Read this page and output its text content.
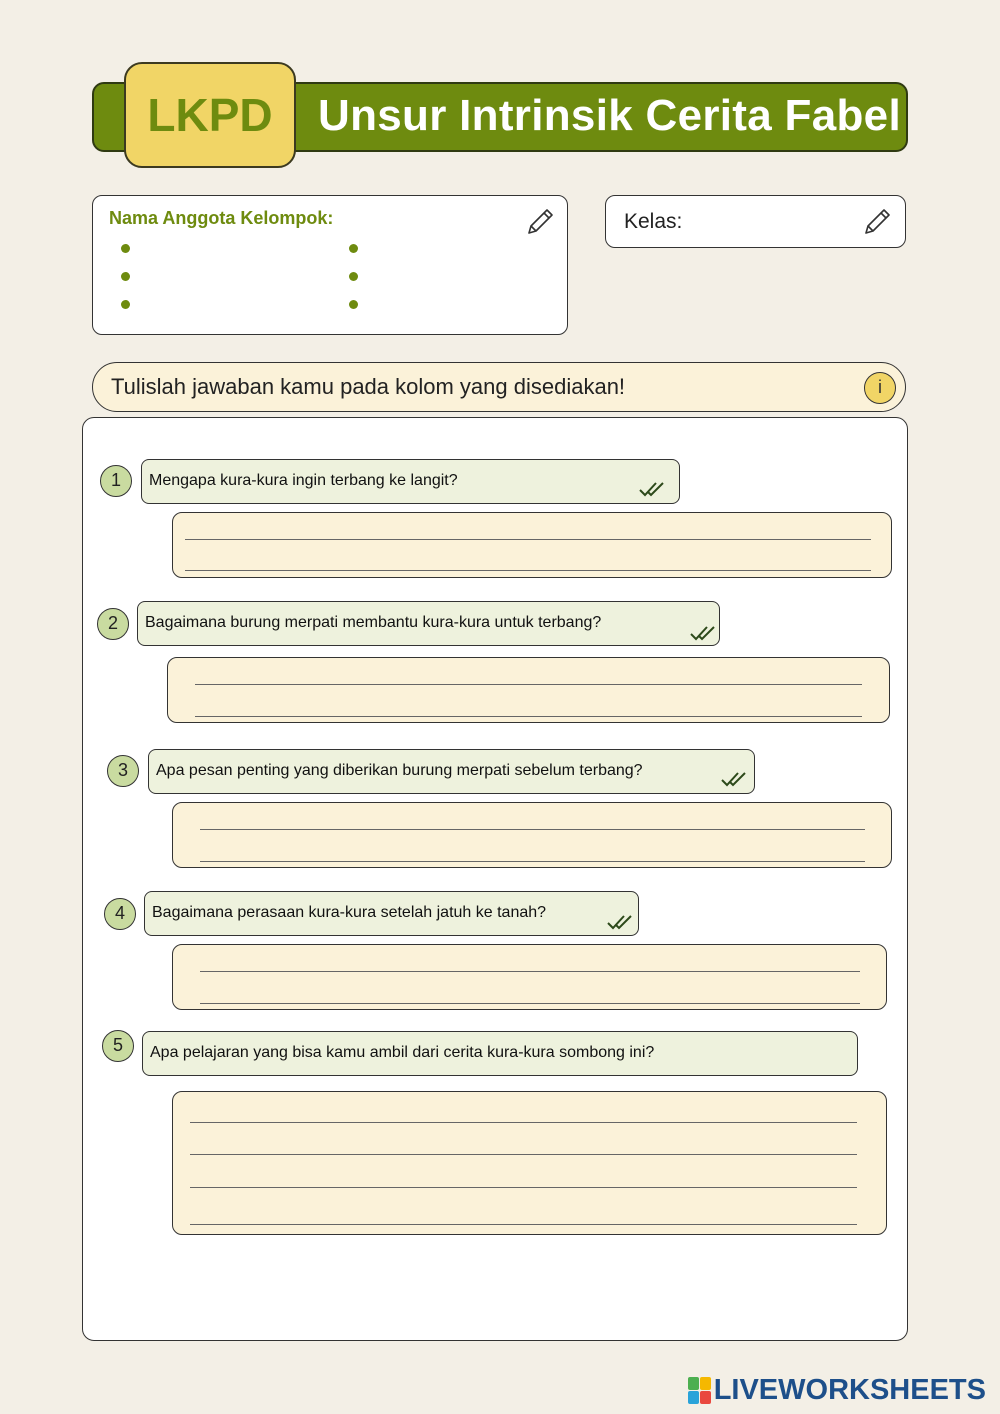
Unsur Intrinsik Cerita Fabel
LKPD
Nama Anggota Kelompok:	Kelas:
Tulislah jawaban kamu pada kolom yang disediakan!	i
1	Mengapa kura-kura ingin terbang ke langit?
2	Bagaimana burung merpati membantu kura-kura untuk terbang?
3	Apa pesan penting yang diberikan burung merpati sebelum terbang?
4	Bagaimana perasaan kura-kura setelah jatuh ke tanah?
5	Apa pelajaran yang bisa kamu ambil dari cerita kura-kura sombong ini?
LIVEWORKSHEETS
